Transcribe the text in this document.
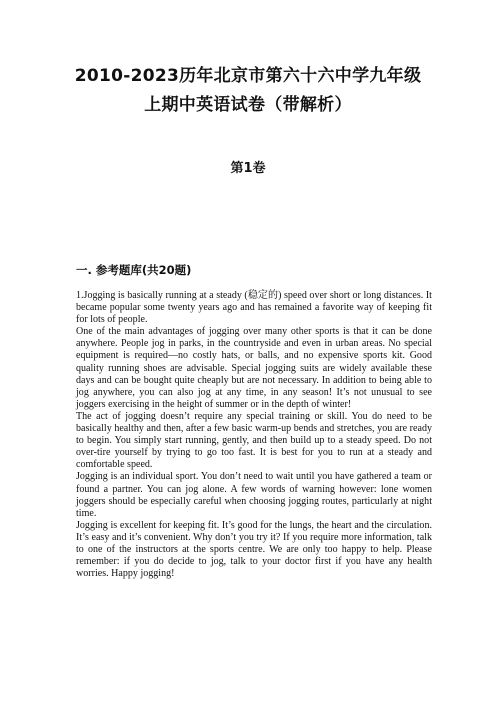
2010-2023历年北京市第六十六中学九年级
上期中英语试卷（带解析）
第1卷
一. 参考题库(共20题)

1.Jogging is basically running at a steady (稳定的) speed over short or long distances. It became popular some twenty years ago and has remained a favorite way of keeping fit for lots of people.

One of the main advantages of jogging over many other sports is that it can be done anywhere. People jog in parks, in the countryside and even in urban areas. No special equipment is required—no costly hats, or balls, and no expensive sports kit. Good quality running shoes are advisable. Special jogging suits are widely available these days and can be bought quite cheaply but are not necessary. In addition to being able to jog anywhere, you can also jog at any time, in any season! It’s not unusual to see joggers exercising in the height of summer or in the depth of winter!

The act of jogging doesn’t require any special training or skill. You do need to be basically healthy and then, after a few basic warm-up bends and stretches, you are ready to begin. You simply start running, gently, and then build up to a steady speed. Do not over-tire yourself by trying to go too fast. It is best for you to run at a steady and comfortable speed.

Jogging is an individual sport. You don’t need to wait until you have gathered a team or found a partner. You can jog alone. A few words of warning however: lone women joggers should be especially careful when choosing jogging routes, particularly at night time.

Jogging is excellent for keeping fit. It’s good for the lungs, the heart and the circulation. It’s easy and it’s convenient. Why don’t you try it? If you require more information, talk to one of the instructors at the sports centre. We are only too happy to help. Please remember: if you do decide to jog, talk to your doctor first if you have any health worries. Happy jogging!
